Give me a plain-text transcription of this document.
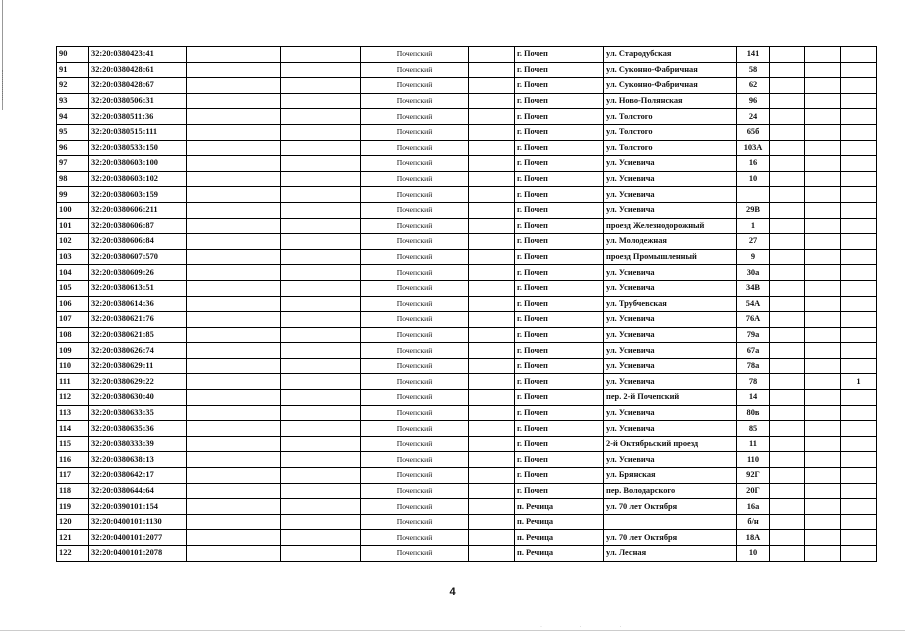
90	32:20:0380423:41			Почепский		г. Почеп	ул. Стародубская	141			
91	32:20:0380428:61			Почепский		г. Почеп	ул. Суконно-Фабричная	58			
92	32:20:0380428:67			Почепский		г. Почеп	ул. Суконно-Фабричная	62			
93	32:20:0380506:31			Почепский		г. Почеп	ул. Ново-Полянская	96			
94	32:20:0380511:36			Почепский		г. Почеп	ул. Толстого	24			
95	32:20:0380515:111			Почепский		г. Почеп	ул. Толстого	65б			
96	32:20:0380533:150			Почепский		г. Почеп	ул. Толстого	103А			
97	32:20:0380603:100			Почепский		г. Почеп	ул. Усиевича	16			
98	32:20:0380603:102			Почепский		г. Почеп	ул. Усиевича	10			
99	32:20:0380603:159			Почепский		г. Почеп	ул. Усиевича				
100	32:20:0380606:211			Почепский		г. Почеп	ул. Усиевича	29В			
101	32:20:0380606:87			Почепский		г. Почеп	проезд Железнодорожный	1			
102	32:20:0380606:84			Почепский		г. Почеп	ул. Молодежная	27			
103	32:20:0380607:570			Почепский		г. Почеп	проезд Промышленный	9			
104	32:20:0380609:26			Почепский		г. Почеп	ул. Усиевича	30а			
105	32:20:0380613:51			Почепский		г. Почеп	ул. Усиевича	34В			
106	32:20:0380614:36			Почепский		г. Почеп	ул. Трубчевская	54А			
107	32:20:0380621:76			Почепский		г. Почеп	ул. Усиевича	76А			
108	32:20:0380621:85			Почепский		г. Почеп	ул. Усиевича	79а			
109	32:20:0380626:74			Почепский		г. Почеп	ул. Усиевича	67а			
110	32:20:0380629:11			Почепский		г. Почеп	ул. Усиевича	78а			
111	32:20:0380629:22			Почепский		г. Почеп	ул. Усиевича	78			1
112	32:20:0380630:40			Почепский		г. Почеп	пер. 2-й Почепский	14			
113	32:20:0380633:35			Почепский		г. Почеп	ул. Усиевича	80в			
114	32:20:0380635:36			Почепский		г. Почеп	ул. Усиевича	85			
115	32:20:0380333:39			Почепский		г. Почеп	2-й Октябрьский проезд	11			
116	32:20:0380638:13			Почепский		г. Почеп	ул. Усиевича	110			
117	32:20:0380642:17			Почепский		г. Почеп	ул. Брянская	92Г			
118	32:20:0380644:64			Почепский		г. Почеп	пер. Володарского	20Г			
119	32:20:0390101:154			Почепский		п. Речица	ул. 70 лет Октября	16а			
120	32:20:0400101:1130			Почепский		п. Речица		б/н			
121	32:20:0400101:2077			Почепский		п. Речица	ул. 70 лет Октября	18А			
122	32:20:0400101:2078			Почепский		п. Речица	ул. Лесная	10			
4
· · ·
